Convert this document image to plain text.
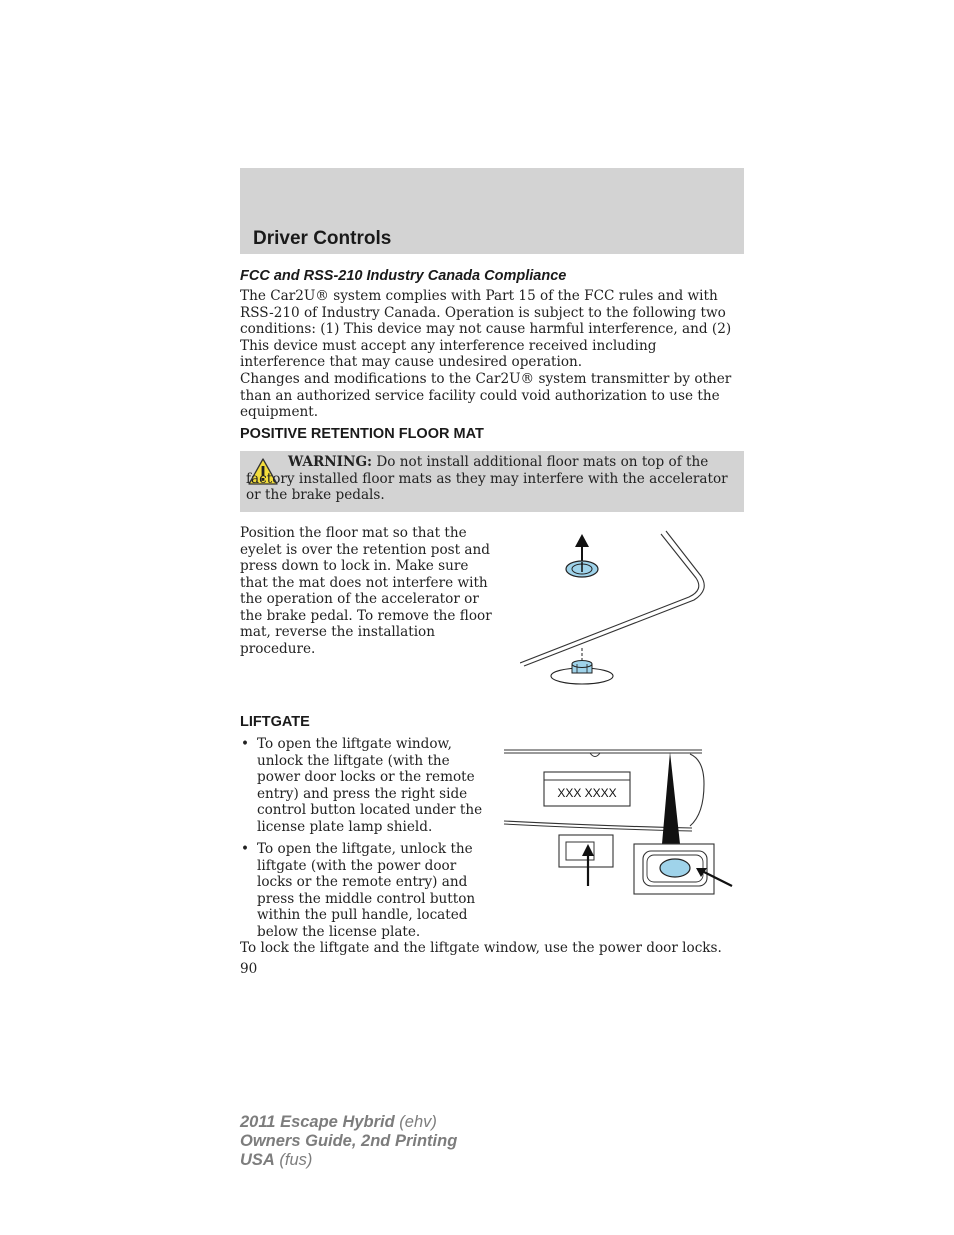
Driver Controls
FCC and RSS-210 Industry Canada Compliance

The Car2U® system complies with Part 15 of the FCC rules and with RSS-210 of Industry Canada. Operation is subject to the following two conditions: (1) This device may not cause harmful interference, and (2) This device must accept any interference received including interference that may cause undesired operation.

Changes and modifications to the Car2U® system transmitter by other than an authorized service facility could void authorization to use the equipment.

POSITIVE RETENTION FLOOR MAT

WARNING: Do not install additional floor mats on top of the factory installed floor mats as they may interfere with the accelerator or the brake pedals.

Position the floor mat so that the eyelet is over the retention post and press down to lock in. Make sure that the mat does not interfere with the operation of the accelerator or the brake pedal. To remove the floor mat, reverse the installation procedure.

LIFTGATE
• To open the liftgate window, unlock the liftgate (with the power door locks or the remote entry) and press the right side control button located under the license plate lamp shield.
• To open the liftgate, unlock the liftgate (with the power door locks or the remote entry) and press the middle control button within the pull handle, located below the license plate.
XXX XXXX

To lock the liftgate and the liftgate window, use the power door locks.

90

2011 Escape Hybrid (ehv)
Owners Guide, 2nd Printing
USA (fus)
